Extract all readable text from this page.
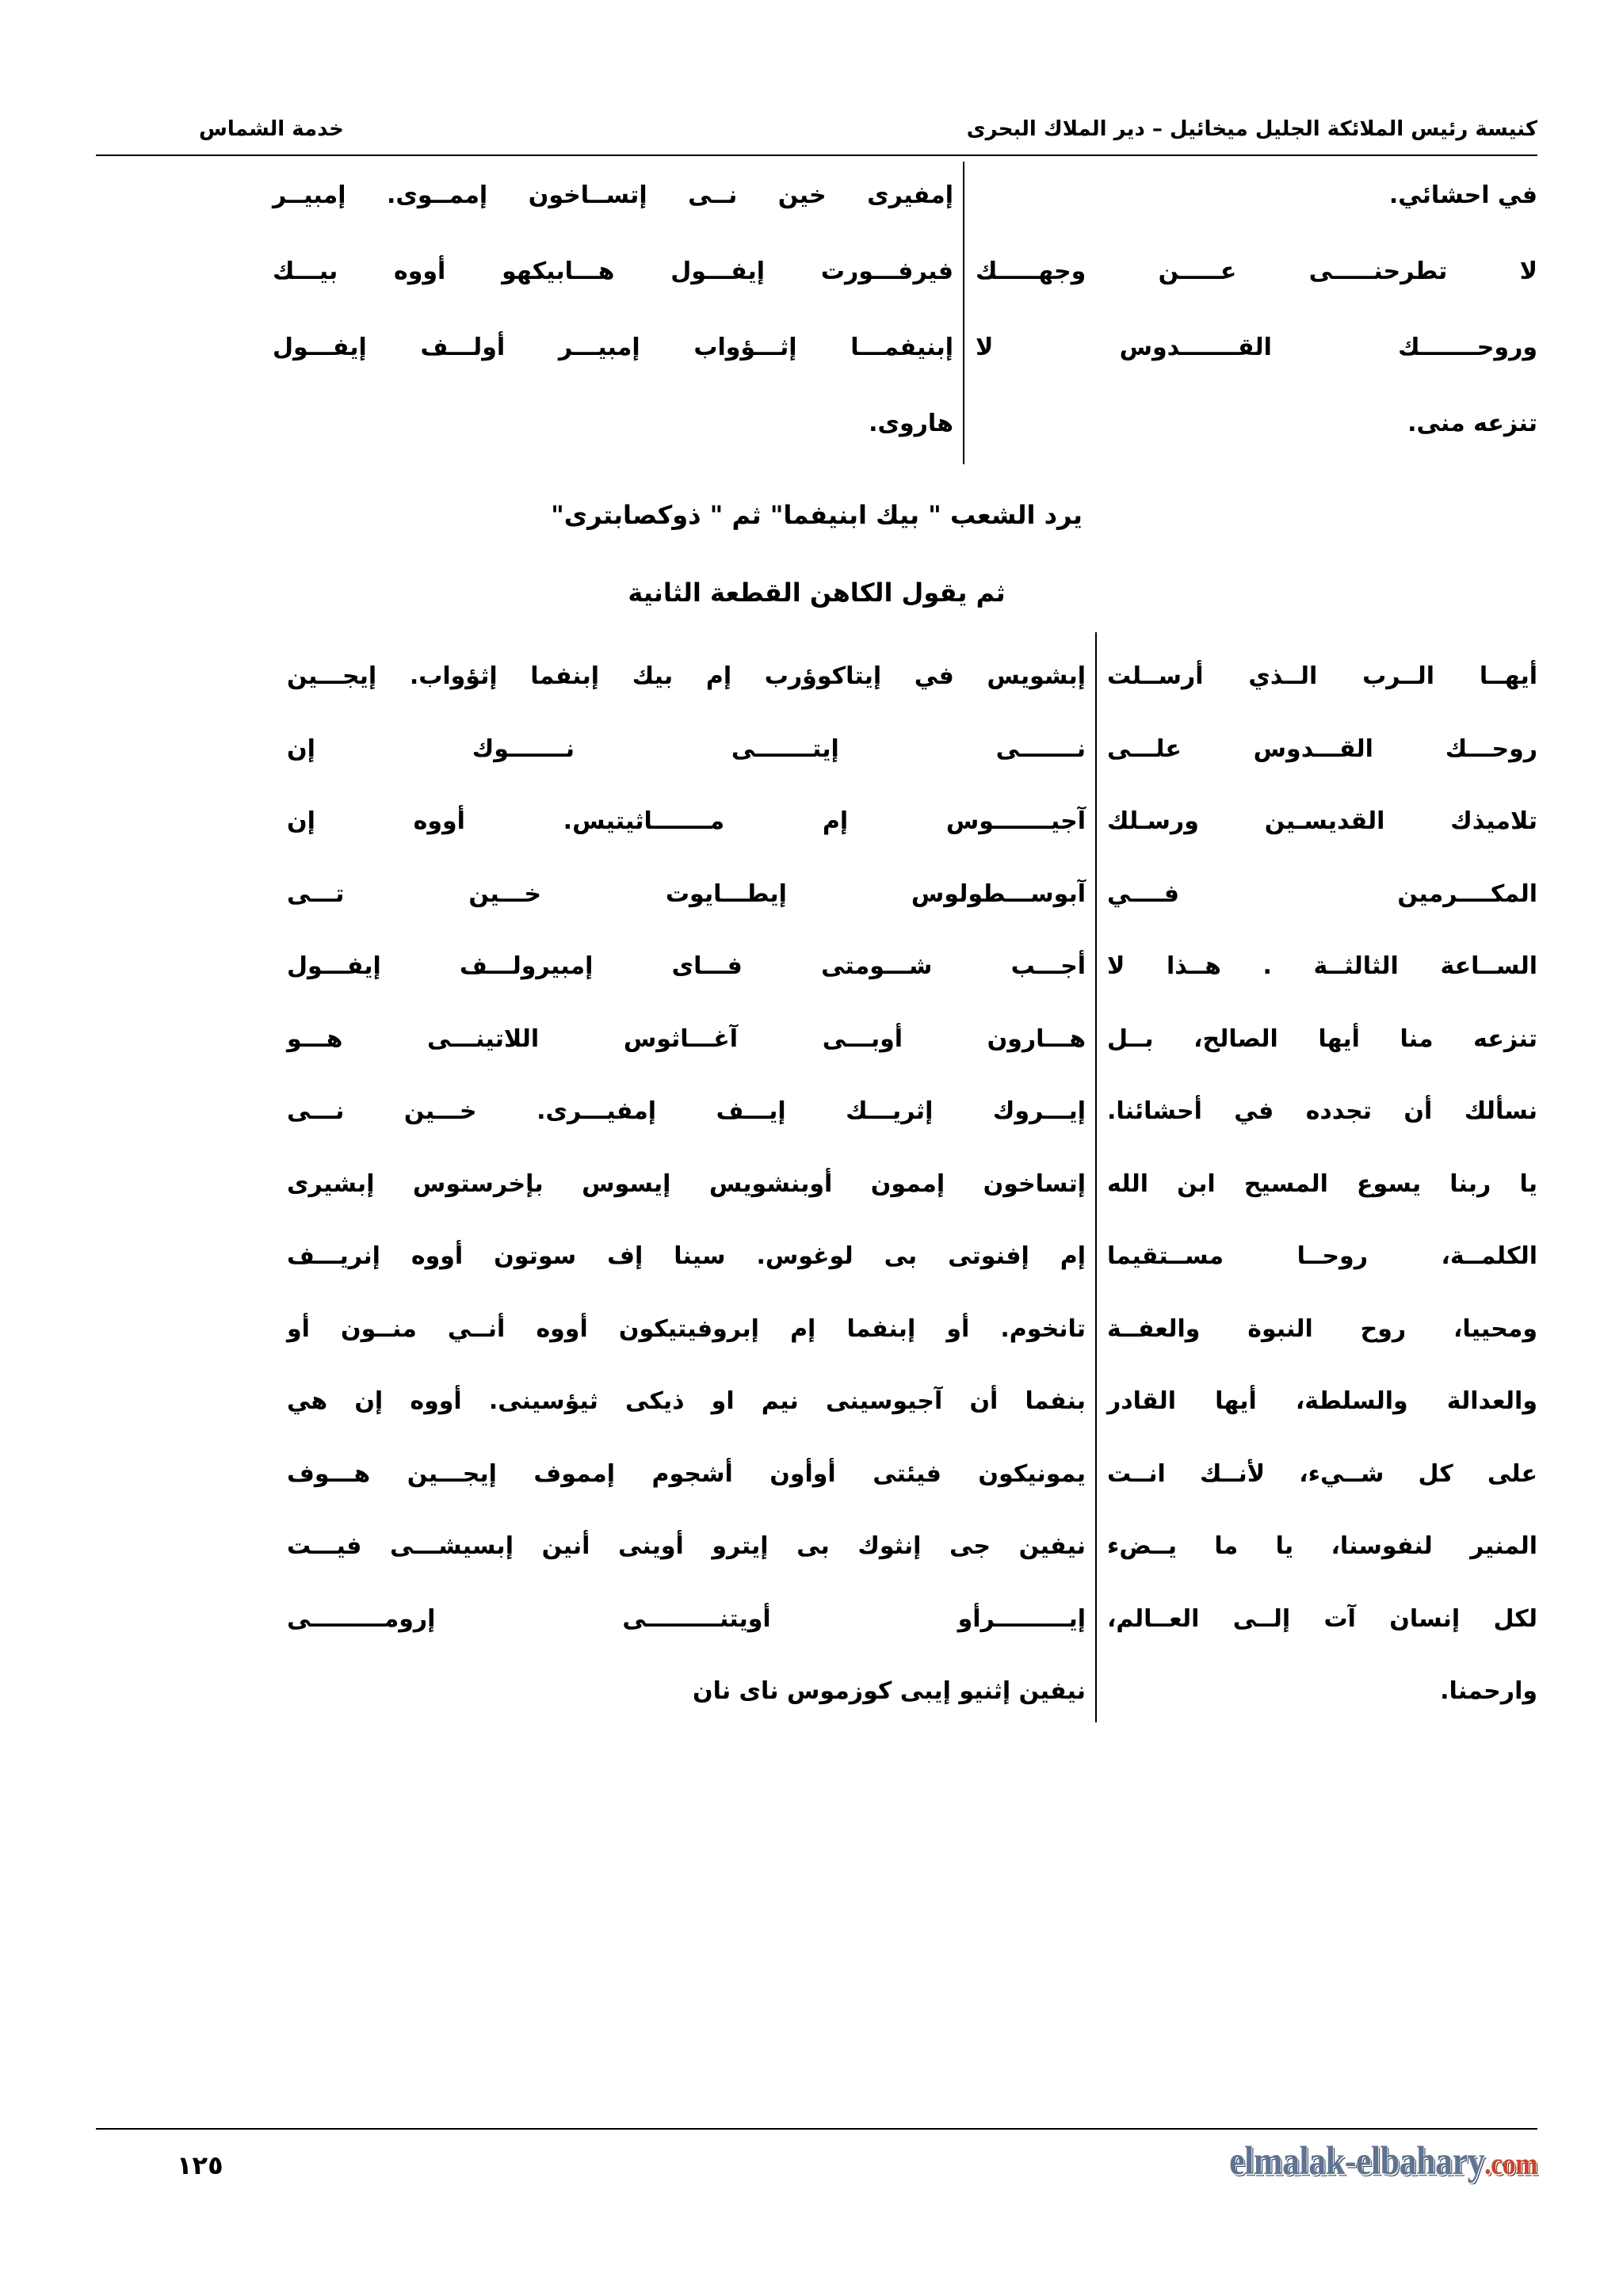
كنيسة رئيس الملائكة الجليل ميخائيل – دير الملاك البحرى
خدمة الشماس
في احشائي.
لا تطرحنـــــى عـــــن وجهـــــك
وروحـــــــك القـــــــدوس لا
تنزعه منى.
إمفيرى خين نــى إتســاخون إممــوى. إمبيــر
فيرفـــورت إيفـــول هـــابيكهو أووه بيـــك
إبنيفمـــا إثـــؤواب إمبيـــر أولـــف إيفـــول
هاروى.
يرد الشعب " بيك ابنيفما" ثم " ذوكصابترى"
ثم يقول الكاهن القطعة الثانية
أيهــا الــرب الــذي أرســلت
روحـــك القـــدوس علـــى
تلاميذك القديسـين ورسـلك
المكــــرمين فــــي
الســاعة الثالثــة . هــذا لا
تنزعه منا أيها الصالح، بــل
نسألك أن تجدده في أحشائنا.
يا ربنا يسوع المسيح ابن الله
الكلمــة، روحــا مســتقيما
ومحييا، روح النبوة والعفــة
والعدالة والسلطة، أيها القادر
على كل شــيء، لأنــك انــت
المنير لنفوسنا، يا ما يــضء
لكل إنسان آت إلــى العــالم،
وارحمنا.
إبشويس في إيتاكوؤرب إم بيك إبنفما إثؤواب. إيجـــين
نـــــــى إيتـــــــى نـــــــوك إن
آجيـــــــوس إم مـــــــاثيتيس. أووه إن
آبوســـطولوس إيطـــايوت خـــين تـــى
أجـــب شـــومتى فـــاى إمبيرولـــف إيفـــول
هـــارون أوبـــى آغـــاثوس اللاتينـــى هـــو
إيـــروك إثريـــك إيـــف إمفيـــرى. خـــين نـــى
إتساخون إممون أوبنشويس إيسوس بإخرستوس إبشيرى
إم إفنوتى بى لوغوس. سينا إف سوتون أووه إنريـــف
تانخوم. أو إبنفما إم إبروفيتيكون أووه أنــي منــون أو
بنفما أن آجيوسينى نيم او ذيكى ثيؤسينى. أووه إن هي
يمونيكون فيئتى أوأون أشجوم إمموف إيجـــين هـــوف
نيفين جى إنثوك بى إيترو أوينى أنين إبسيشـــى فيـــت
إيـــــــــرأو أويتنـــــــــى إرومـــــــــى
نيفين إثنيو إيبى كوزموس ناى نان
١٢٥	elmalak-elbahary.com
